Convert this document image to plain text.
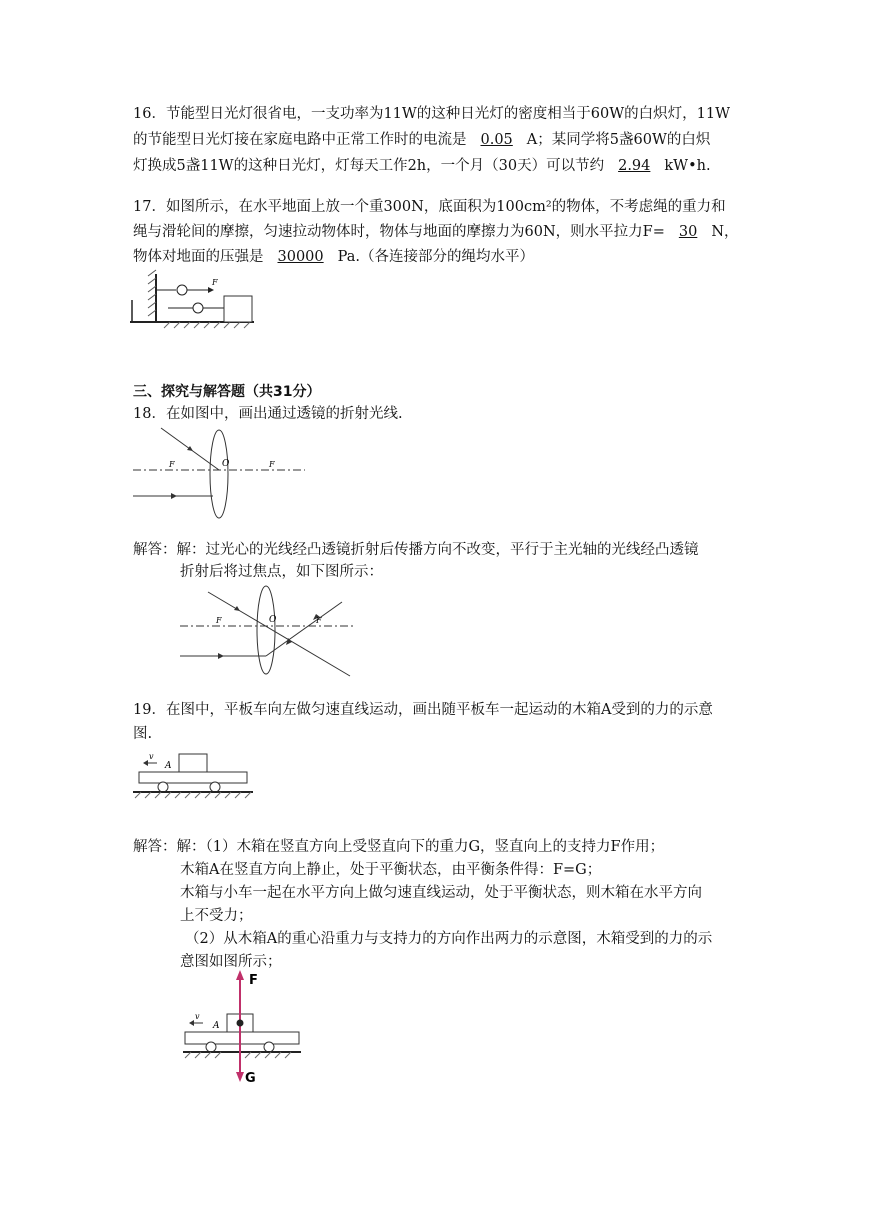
16．节能型日光灯很省电，一支功率为11W的这种日光灯的密度相当于60W的白炽灯，11W
的节能型日光灯接在家庭电路中正常工作时的电流是 0.05 A；某同学将5盏60W的白炽
灯换成5盏11W的这种日光灯，灯每天工作2h，一个月（30天）可以节约 2.94 kW•h.
17．如图所示，在水平地面上放一个重300N，底面积为100cm²的物体，不考虑绳的重力和
绳与滑轮间的摩擦，匀速拉动物体时，物体与地面的摩擦力为60N，则水平拉力F= 30 N，
物体对地面的压强是 30000 Pa.（各连接部分的绳均水平）
F
三、探究与解答题（共31分）
18．在如图中，画出通过透镜的折射光线.
F	O	F
解答：解：过光心的光线经凸透镜折射后传播方向不改变，平行于主光轴的光线经凸透镜
折射后将过焦点，如下图所示：
F	O	F
19．在图中，平板车向左做匀速直线运动，画出随平板车一起运动的木箱A受到的力的示意
图.
v
A
解答：解：（1）木箱在竖直方向上受竖直向下的重力G，竖直向上的支持力F作用；
木箱A在竖直方向上静止，处于平衡状态，由平衡条件得：F=G；
木箱与小车一起在水平方向上做匀速直线运动，处于平衡状态，则木箱在水平方向
上不受力；
（2）从木箱A的重心沿重力与支持力的方向作出两力的示意图，木箱受到的力的示
意图如图所示；
v
A
F
G
